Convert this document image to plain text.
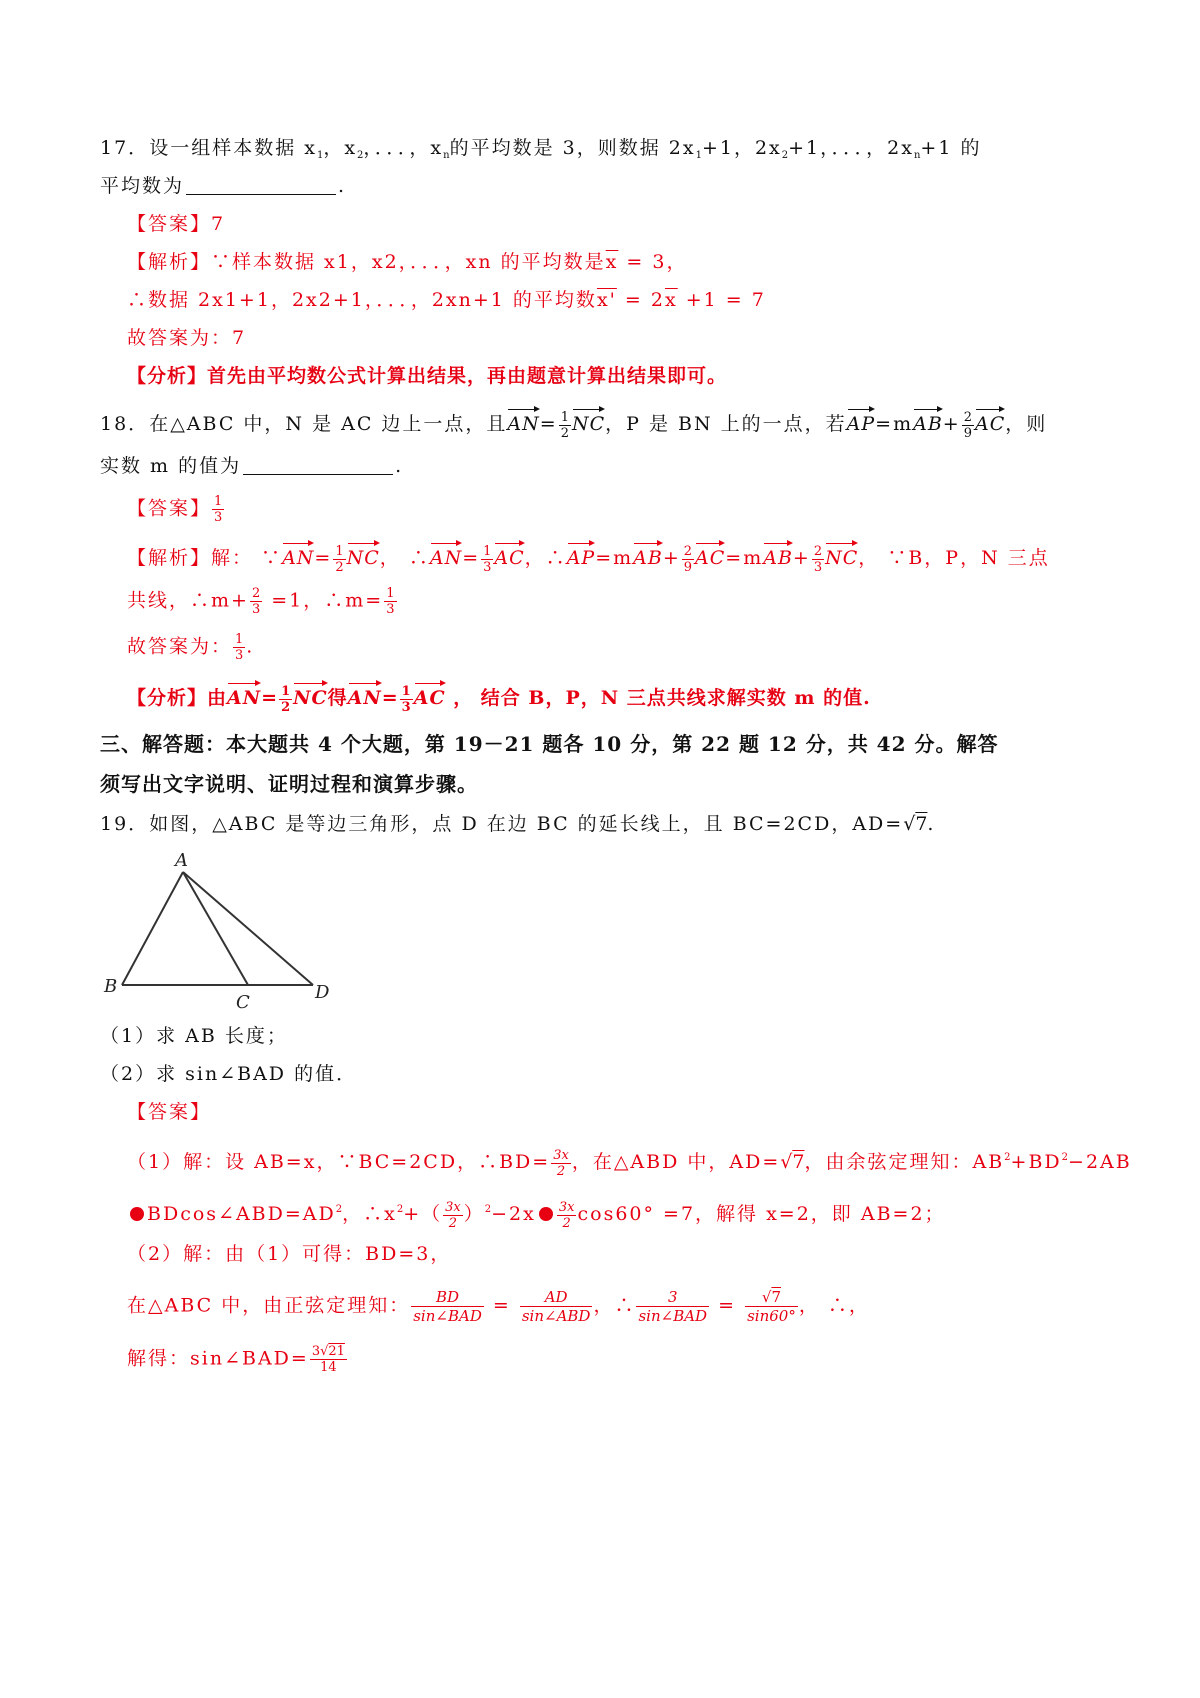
17．设一组样本数据 $x_1$，$x_2$，．．．，$x_n$的平均数是 3，则数据 $2x_1+1$，$2x_2+1$，．．．，$2x_n+1$ 的
平均数为	.
【答案】7
【解析】∵样本数据 x1，x2，．．．，xn 的平均数是$\overline{x} = 3$，
∴数据 2x1+1，2x2+1，．．．，2xn+1 的平均数$x' = 2\overline{x} +1 = 7$
故答案为：7
【分析】首先由平均数公式计算出结果，再由题意计算出结果即可。
18．在△ABC 中，N 是 AC 边上一点，且$AN= \frac{1}{2}$ NC，P 是 BN 上的一点，若$AP=mAB+ \frac{2}{9}$ AC，则
实数 m 的值为	.
【答案】 $\frac{1}{3}$
【解析】解： ∵AN= $\frac{1}{2}$ NC， ∴AN= $\frac{1}{3}$ AC，∴AP=mAB+ $\frac{2}{9} AC=mAB+ \frac{2}{3}$ NC， ∵B，P，N 三点
共线，∴m+ $\frac{2}{3} =1$，∴m= $\frac{1}{3}$
故答案为： $\frac{1}{3}$ .
【分析】由$AN= \frac{1}{2}$ NC得$AN= \frac{1}{3}$ AC ， 结合 B，P，N 三点共线求解实数 m 的值.
三、解答题：本大题共 4 个大题，第 19－21 题各 10 分，第 22 题 12 分，共 42 分。解答
须写出文字说明、证明过程和演算步骤。
19．如图，△ABC 是等边三角形，点 D 在边 BC 的延长线上，且 BC=2CD，AD=√7.
A
B
C	D
（1）求 AB 长度；
（2）求 sin∠BAD 的值．
【答案】
（1）解：设 AB=x，∵BC=2CD，∴BD= $\frac{3x}{2}$ ，在△ABD 中，AD=√7，由余弦定理知：$AB^2+BD^2-2AB$
$BDcos\angle ABD=AD^2$，$\therefore x^2+( \frac{3x}{2} )^2-2x \frac{3x}{2} \cos 60^\circ =7$，解得 x=2，即 AB=2；
（2）解：由（1）可得：BD=3，
在△ABC 中，由正弦定理知： $\frac{BD}{\text{sin∠BAD}} = \frac{AD}{\text{sin∠ABD}}$ ，∴ $\frac{3}{\text{sin∠BAD}} = \frac{√7}{\sin 60^\circ}$ ， ∴，
解得：sin∠BAD= $\frac{3√21}{14}$
